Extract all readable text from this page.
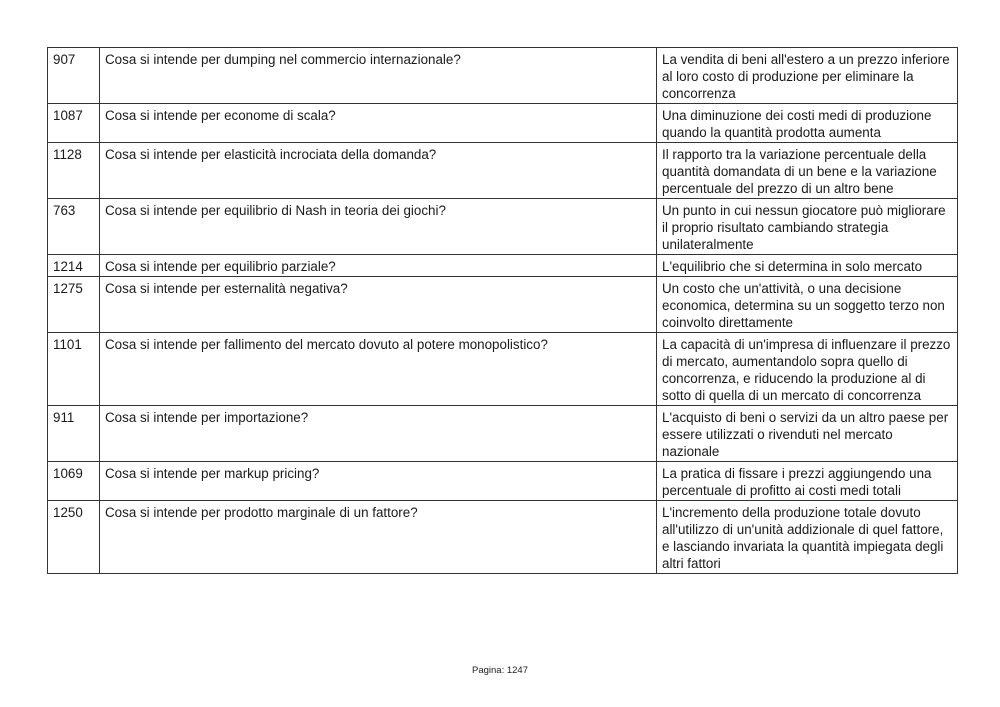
907	Cosa si intende per dumping nel commercio internazionale?	La vendita di beni all'estero a un prezzo inferiore al loro costo di produzione per eliminare la concorrenza
1087	Cosa si intende per econome di scala?	Una diminuzione dei costi medi di produzione quando la quantità prodotta aumenta
1128	Cosa si intende per elasticità incrociata della domanda?	Il rapporto tra la variazione percentuale della quantità domandata di un bene e la variazione percentuale del prezzo di un altro bene
763	Cosa si intende per equilibrio di Nash in teoria dei giochi?	Un punto in cui nessun giocatore può migliorare il proprio risultato cambiando strategia unilateralmente
1214	Cosa si intende per equilibrio parziale?	L'equilibrio che si determina in solo mercato
1275	Cosa si intende per esternalità negativa?	Un costo che un'attività, o una decisione economica, determina su un soggetto terzo non coinvolto direttamente
1101	Cosa si intende per fallimento del mercato dovuto al potere monopolistico?	La capacità di un'impresa di influenzare il prezzo di mercato, aumentandolo sopra quello di concorrenza, e riducendo la produzione al di sotto di quella di un mercato di concorrenza
911	Cosa si intende per importazione?	L'acquisto di beni o servizi da un altro paese per essere utilizzati o rivenduti nel mercato nazionale
1069	Cosa si intende per markup pricing?	La pratica di fissare i prezzi aggiungendo una percentuale di profitto ai costi medi totali
1250	Cosa si intende per prodotto marginale di un fattore?	L'incremento della produzione totale dovuto all'utilizzo di un'unità addizionale di quel fattore, e lasciando invariata la quantità impiegata degli altri fattori
Pagina: 1247
